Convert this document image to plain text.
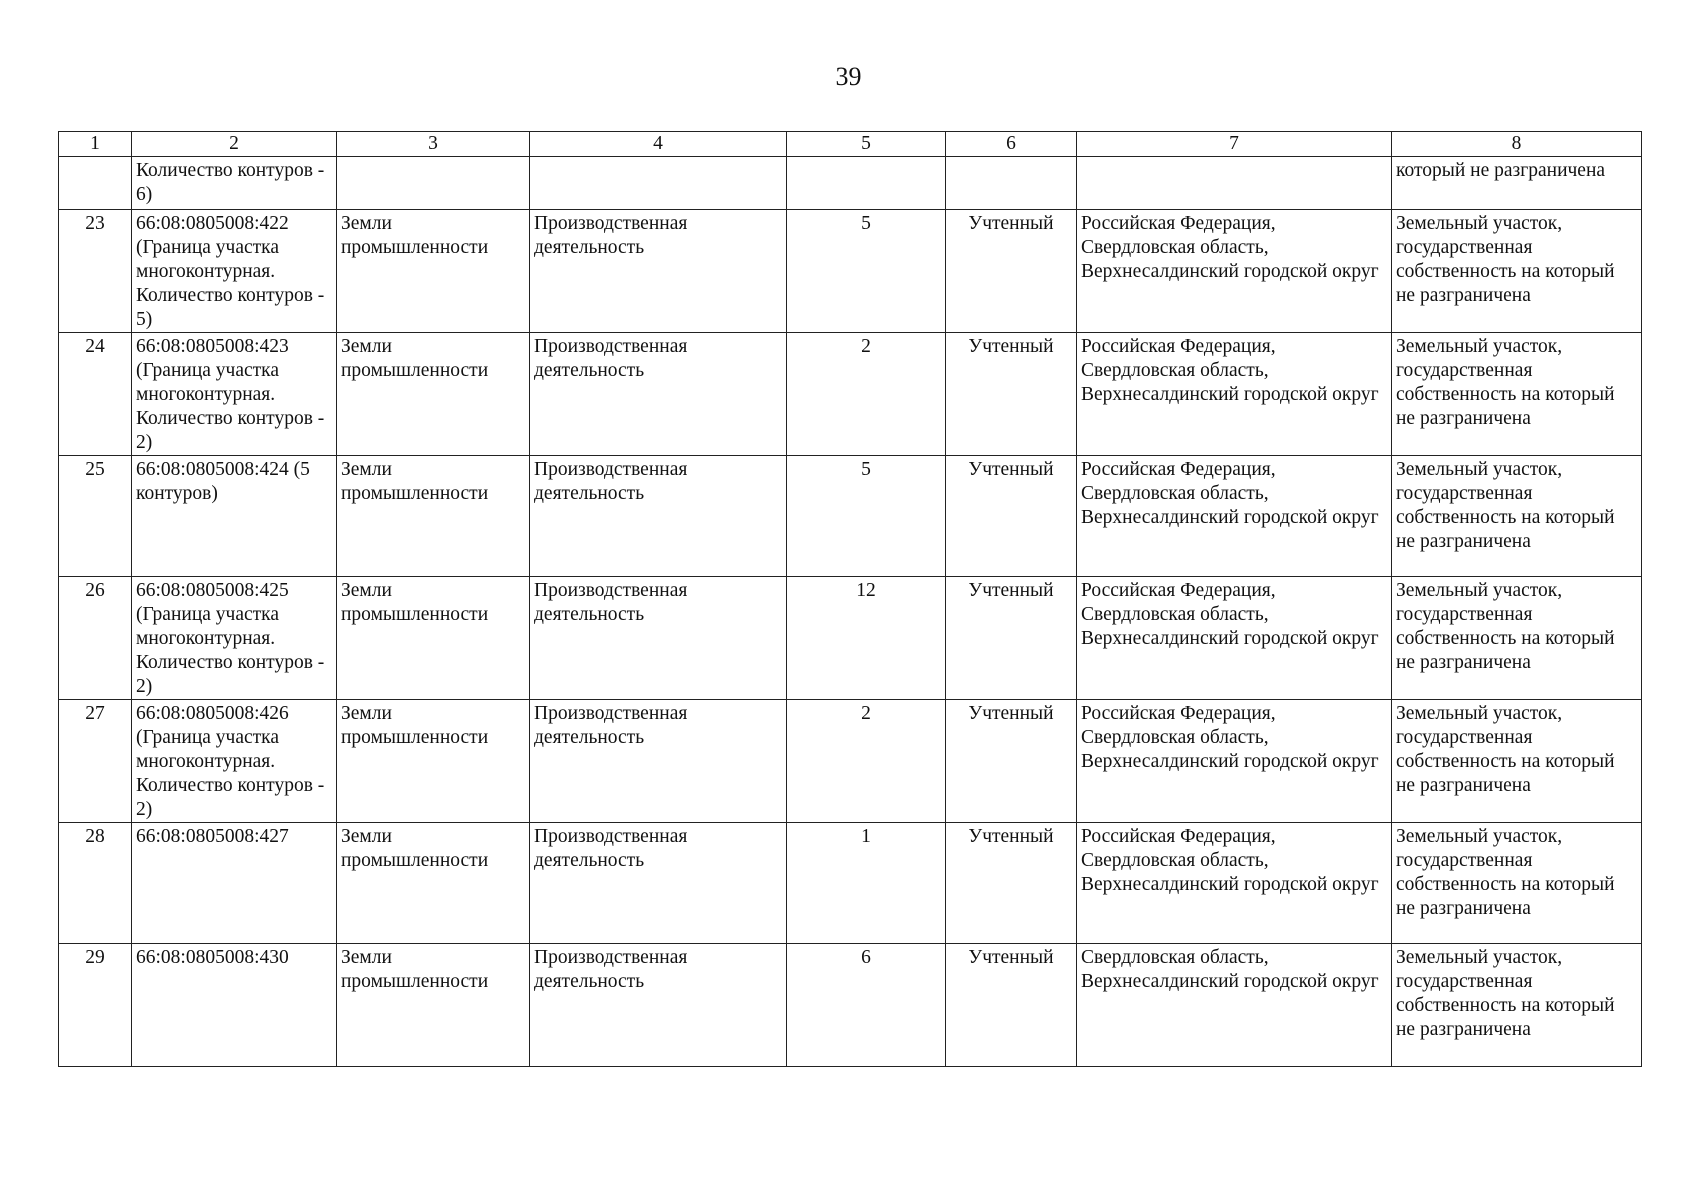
39
1	2	3	4	5	6	7	8
	Количество контуров - 6)						который не разграничена
23	66:08:0805008:422 (Граница участка многоконтурная. Количество контуров - 5)	Земли промышленности	Производственная деятельность	5	Учтенный	Российская Федерация, Свердловская область, Верхнесалдинский городской округ	Земельный участок, государственная собственность на который не разграничена
24	66:08:0805008:423 (Граница участка многоконтурная. Количество контуров - 2)	Земли промышленности	Производственная деятельность	2	Учтенный	Российская Федерация, Свердловская область, Верхнесалдинский городской округ	Земельный участок, государственная собственность на который не разграничена
25	66:08:0805008:424 (5 контуров)	Земли промышленности	Производственная деятельность	5	Учтенный	Российская Федерация, Свердловская область, Верхнесалдинский городской округ	Земельный участок, государственная собственность на который не разграничена
26	66:08:0805008:425 (Граница участка многоконтурная. Количество контуров - 2)	Земли промышленности	Производственная деятельность	12	Учтенный	Российская Федерация, Свердловская область, Верхнесалдинский городской округ	Земельный участок, государственная собственность на который не разграничена
27	66:08:0805008:426 (Граница участка многоконтурная. Количество контуров - 2)	Земли промышленности	Производственная деятельность	2	Учтенный	Российская Федерация, Свердловская область, Верхнесалдинский городской округ	Земельный участок, государственная собственность на который не разграничена
28	66:08:0805008:427	Земли промышленности	Производственная деятельность	1	Учтенный	Российская Федерация, Свердловская область, Верхнесалдинский городской округ	Земельный участок, государственная собственность на который не разграничена
29	66:08:0805008:430	Земли промышленности	Производственная деятельность	6	Учтенный	Свердловская область, Верхнесалдинский городской округ	Земельный участок, государственная собственность на который не разграничена
